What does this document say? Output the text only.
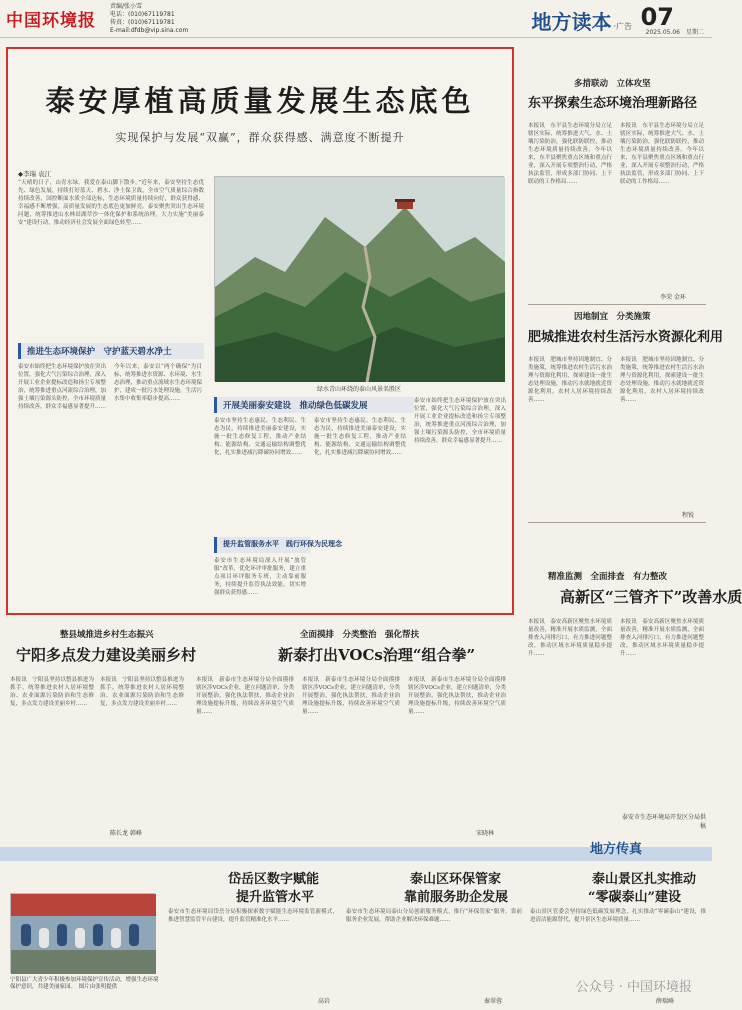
中国环境报
责编/张小雪
电话：(010)67119781
传真：(010)67119781
E-mail:dfdb@vip.sina.com	地方读本 ·广告 07
2025.05.06　星期二
泰安厚植高质量发展生态底色
实现保护与发展“双赢”，群众获得感、满意度不断提升
◆李瑞 袁江
“天晴的日子，山青水绿，我爱在泰山脚下散步。”近年来，泰安坚持生态优先、绿色发展，持续打好蓝天、碧水、净土保卫战，全市空气质量综合指数持续改善，国控断面水质全部达标，生态环境质量持续向好，群众获得感、幸福感不断增强，高质量发展的生态底色更加鲜亮。泰安聚焦突出生态环境问题，统筹推进山水林田湖草沙一体化保护和系统治理，大力实施“美丽泰安”建设行动，推动经济社会发展全面绿色转型……
绿水青山环绕的泰山风景名胜区
推进生态环境保护　守护蓝天碧水净土
泰安市始终把生态环境保护放在突出位置，强化大气污染综合治理，深入开展工业企业提标改造和扬尘专项整治，统筹推进重点河流综合治理，加强土壤污染源头防控，全市环境质量持续改善，群众幸福感显著提升……
今年以来，泰安以“两个确保”为目标，统筹推进水资源、水环境、水生态治理，推动重点流域水生态环境保护，建成一批污水处理设施，生活污水集中收集率稳步提高……
开展美丽泰安建设　推动绿色低碳发展
泰安市坚持生态惠民、生态利民、生态为民，持续推进美丽泰安建设，实施一批生态修复工程，推动产业结构、能源结构、交通运输结构调整优化，扎实推进减污降碳协同增效……
泰安市坚持生态惠民、生态利民、生态为民，持续推进美丽泰安建设，实施一批生态修复工程，推动产业结构、能源结构、交通运输结构调整优化，扎实推进减污降碳协同增效……
泰安市始终把生态环境保护放在突出位置，强化大气污染综合治理，深入开展工业企业提标改造和扬尘专项整治，统筹推进重点河流综合治理，加强土壤污染源头防控，全市环境质量持续改善，群众幸福感显著提升……
提升监管服务水平　践行环保为民理念
泰安市生态环境局深入开展“放管服”改革，优化环评审批服务，建立重点项目环评服务专班，主动靠前服务，持续提升监管执法效能，切实增强群众获得感……
多措联动　立体攻坚
东平探索生态环境治理新路径
本报讯　东平县生态环境分局立足辖区实际，统筹推进大气、水、土壤污染防治，强化联防联控，推动生态环境质量持续改善。今年以来，东平县聚焦重点区域和重点行业，深入开展专项整治行动，严格执法监管，形成多部门协同、上下联动的工作格局……
本报讯　东平县生态环境分局立足辖区实际，统筹推进大气、水、土壤污染防治，强化联防联控，推动生态环境质量持续改善。今年以来，东平县聚焦重点区域和重点行业，深入开展专项整治行动，严格执法监管，形成多部门协同、上下联动的工作格局……
李荣 金环
因地制宜　分类施策
肥城推进农村生活污水资源化利用
本报讯　肥城市坚持因地制宜、分类施策，统筹推进农村生活污水治理与资源化利用，探索建设一批生态处理设施，推动污水就地就近资源化利用，农村人居环境持续改善……
本报讯　肥城市坚持因地制宜、分类施策，统筹推进农村生活污水治理与资源化利用，探索建设一批生态处理设施，推动污水就地就近资源化利用，农村人居环境持续改善……
程锐
精准监测　全面排查　有力整改
高新区“三管齐下”改善水质
本报讯　泰安高新区聚焦水环境质量改善，精准开展水质监测，全面排查入河排污口，有力推进问题整改，推动区域水环境质量稳步提升……
本报讯　泰安高新区聚焦水环境质量改善，精准开展水质监测，全面排查入河排污口，有力推进问题整改，推动区域水环境质量稳步提升……
泰安市生态环境局开发区分局供稿
整县域推进乡村生态振兴
宁阳多点发力建设美丽乡村
本报讯　宁阳县坚持以整县推进为抓手，统筹推进农村人居环境整治、农业面源污染防治和生态修复，多点发力建设美丽乡村……
本报讯　宁阳县坚持以整县推进为抓手，统筹推进农村人居环境整治、农业面源污染防治和生态修复，多点发力建设美丽乡村……
陈长龙 韩峰
全面摸排　分类整治　强化帮扶
新泰打出VOCs治理“组合拳”
本报讯　新泰市生态环境分局全面摸排辖区涉VOCs企业，建立问题清单，分类开展整治，强化执法帮扶，推动企业治理设施提标升级，持续改善环境空气质量……
本报讯　新泰市生态环境分局全面摸排辖区涉VOCs企业，建立问题清单，分类开展整治，强化执法帮扶，推动企业治理设施提标升级，持续改善环境空气质量……
本报讯　新泰市生态环境分局全面摸排辖区涉VOCs企业，建立问题清单，分类开展整治，强化执法帮扶，推动企业治理设施提标升级，持续改善环境空气质量……
宋晓林
地方传真
宁阳县广大青少年积极参加环境保护宣传活动，增强生态环境保护意识，共建美丽家园。　图片由张明提供
岱岳区数字赋能
提升监管水平
泰安市生态环境局岱岳分局积极探索数字赋能生态环境监管新模式，推进智慧监管平台建设，提升监管精准化水平……
高岩
泰山区环保管家
靠前服务助企发展
泰安市生态环境局泰山分局创新服务模式，推行“环保管家”服务，靠前服务企业发展，帮助企业解决环保难题……
秦翠蓉
泰山景区扎实推动
“零碳泰山”建设
泰山景区管委会坚持绿色低碳发展理念，扎实推动“零碳泰山”建设，推进清洁能源替代，提升景区生态环境质量……
薛瑞峰
公众号 · 中国环境报
